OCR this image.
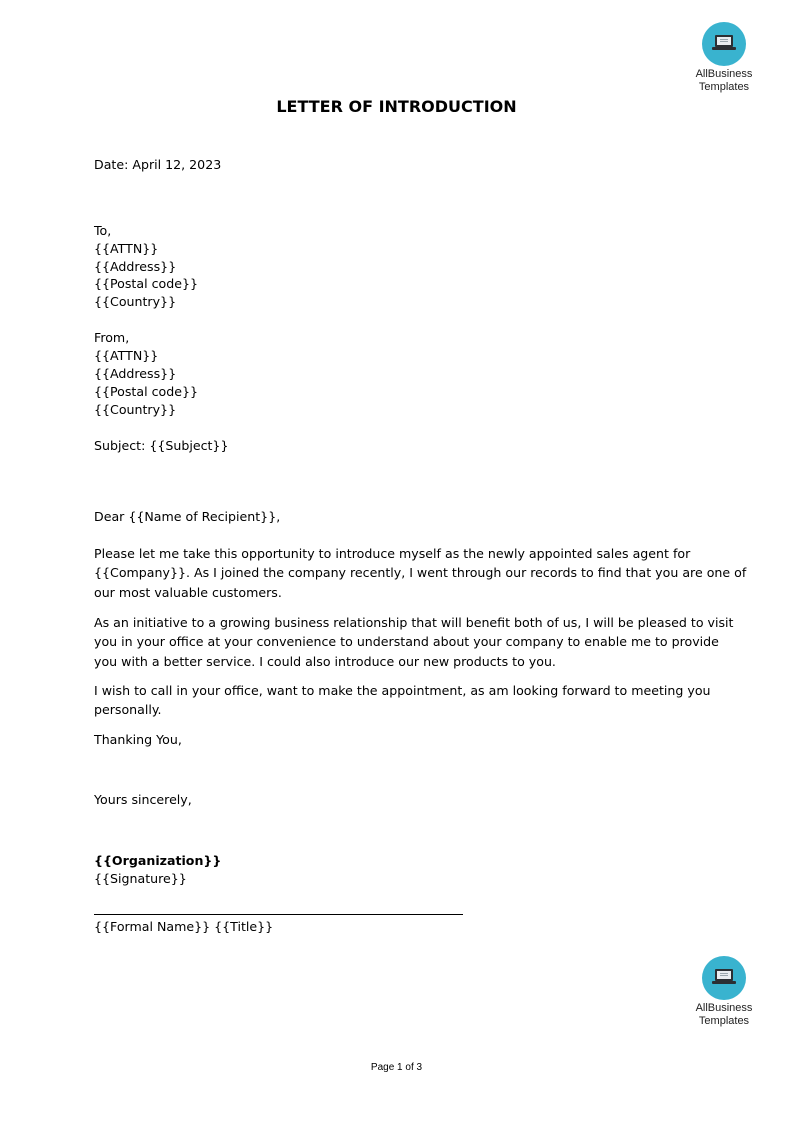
AllBusiness
Templates
LETTER OF INTRODUCTION
Date: April 12, 2023
To,
{{ATTN}}
{{Address}}
{{Postal code}}
{{Country}}
From,
{{ATTN}}
{{Address}}
{{Postal code}}
{{Country}}
Subject: {{Subject}}
Dear {{Name of Recipient}},
Please let me take this opportunity to introduce myself as the newly appointed sales agent for
{{Company}}. As I joined the company recently, I went through our records to find that you are one of
our most valuable customers.
As an initiative to a growing business relationship that will benefit both of us, I will be pleased to visit
you in your office at your convenience to understand about your company to enable me to provide
you with a better service. I could also introduce our new products to you.
I wish to call in your office, want to make the appointment, as am looking forward to meeting you
personally.
Thanking You,
Yours sincerely,
{{Organization}}
{{Signature}}
{{Formal Name}} {{Title}}
AllBusiness
Templates
Page 1 of 3
